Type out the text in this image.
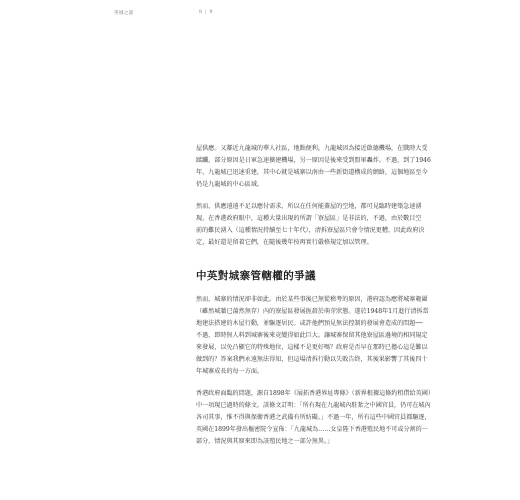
英城之謎	8 | 9

屋供應。又鄰近九龍城的華人社區，地點便利。九龍城因為接近啟德機場，在戰時大受
蹂躪，部分原因是日軍急速擴建機場，另一原因是後來受到盟軍轟炸。不過，到了1946
年，九龍城已迅速重建，其中心就是城寨以南由一些新街道構成的網絡，這個地區至今
仍是九龍城的中心區域。

然而，供應遠遠不足以應付需求，所以在任何能蓋屋的空地，都可見臨時建築急速湧
現。在香港政府眼中，這種大量出現的所謂「寮屋區」是非法的，不過，由於數目空
前的難民湧入（這種情況持續至七十年代），清拆寮屋區只會令情況更糟，因此政府決
定，最好還是留着它們，在隨後幾年按再實行嚴格規定加以管理。

中英對城寨管轄權的爭議

然而，城寨的情況卻非如此。由於某些事後已無從稽考的原因，港府認為應將城寨範圍
（雖然城牆已蕩然無存）內的寮屋區發展扼殺於萌芽狀態。遂於1948年1月進行清拆當
地建法搭建的木屋行動，並驅逐居民。或許他們預見無法控制的發展會造成的問題──
不過，即時無人料到城寨後來竟變得如此巨大。讓城寨保留其他寮屋區邊境的相同規定
來發展，以免凸顯它的特殊地位，這樣不是更好嗎？政府是否早在那時已擔心這是難以
做到的？答案我們永遠無法得知，但這場清拆行動以失敗告終，其後果影響了其後四十
年城寨成長的每一方面。

香港政府面臨的問題，源自1898年《展拓香港界址專條》（新界根據這條約租借給英國）
中一項現已過時的條文。該條文訂明：「所有現在九龍城內駐紮之中國官員，仍可在城內
各司其事，惟不得與保衛香港之武備有所妨礙。」不過一年，所有這些中國官員都驅逐，
英國在1899年發出樞密院令宣佈：「九龍城為……女皇陛下香港殖民地不可或分割的一
部分，情況與其原來即為該殖民地之一部分無異。」
